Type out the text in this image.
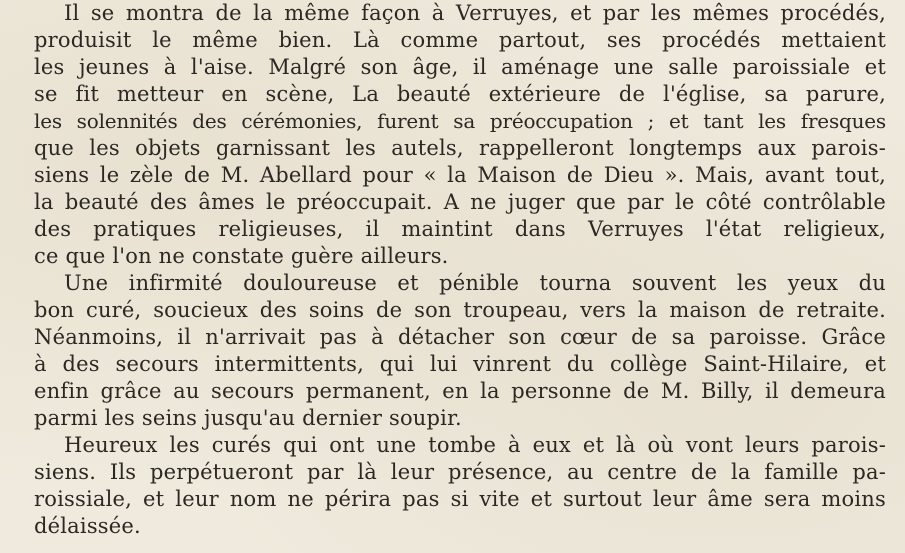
Il se montra de la même façon à Verruyes, et par les mêmes procédés,
produisit le même bien. Là comme partout, ses procédés mettaient
les jeunes à l'aise. Malgré son âge, il aménage une salle paroissiale et
se fit metteur en scène, La beauté extérieure de l'église, sa parure,
les solennités des cérémonies, furent sa préoccupation ; et tant les fresques
que les objets garnissant les autels, rappelleront longtemps aux parois-
siens le zèle de M. Abellard pour « la Maison de Dieu ». Mais, avant tout,
la beauté des âmes le préoccupait. A ne juger que par le côté contrôlable
des pratiques religieuses, il maintint dans Verruyes l'état religieux,
ce que l'on ne constate guère ailleurs.
Une infirmité douloureuse et pénible tourna souvent les yeux du
bon curé, soucieux des soins de son troupeau, vers la maison de retraite.
Néanmoins, il n'arrivait pas à détacher son cœur de sa paroisse. Grâce
à des secours intermittents, qui lui vinrent du collège Saint-Hilaire, et
enfin grâce au secours permanent, en la personne de M. Billy, il demeura
parmi les seins jusqu'au dernier soupir.
Heureux les curés qui ont une tombe à eux et là où vont leurs parois-
siens. Ils perpétueront par là leur présence, au centre de la famille pa-
roissiale, et leur nom ne périra pas si vite et surtout leur âme sera moins
délaissée.
